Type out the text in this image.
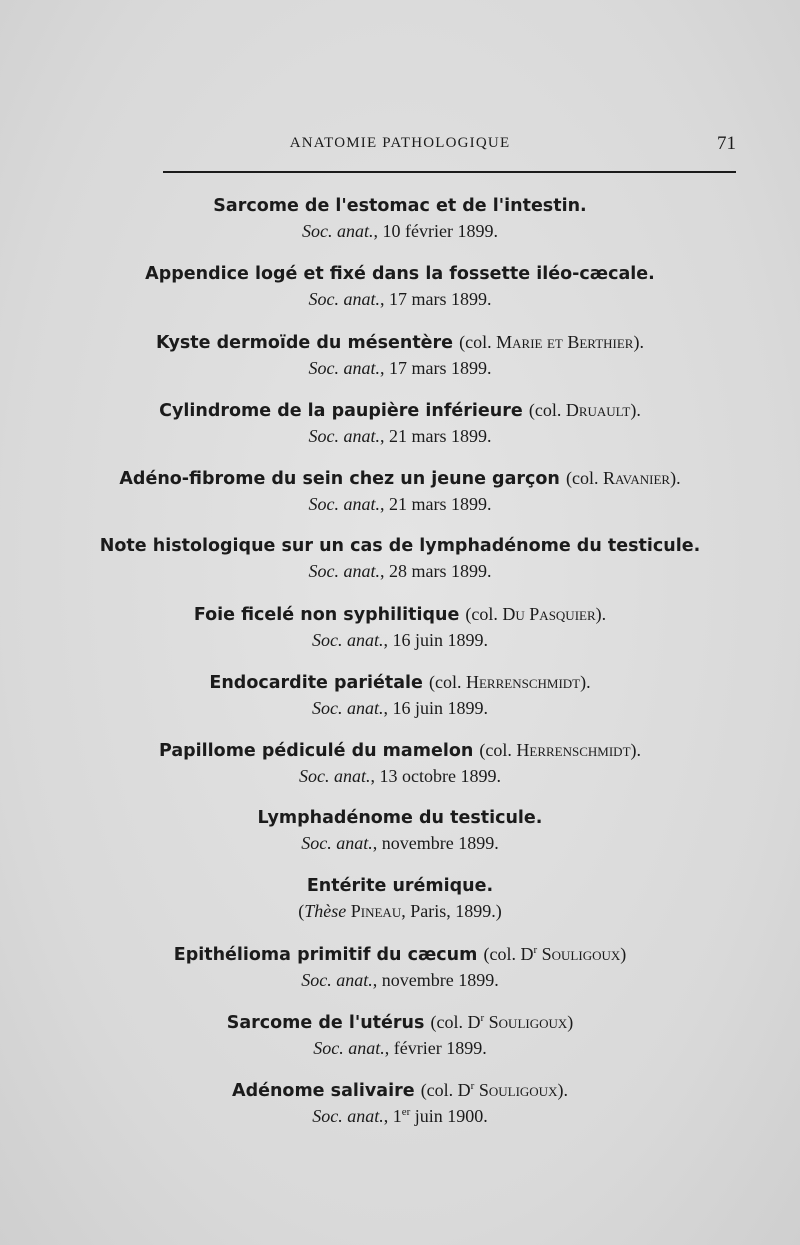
ANATOMIE PATHOLOGIQUE	71
Sarcome de l'estomac et de l'intestin.
Soc. anat., 10 février 1899.
Appendice logé et fixé dans la fossette iléo-cæcale.
Soc. anat., 17 mars 1899.
Kyste dermoïde du mésentère (col. Marie et Berthier).
Soc. anat., 17 mars 1899.
Cylindrome de la paupière inférieure (col. Druault).
Soc. anat., 21 mars 1899.
Adéno-fibrome du sein chez un jeune garçon (col. Ravanier).
Soc. anat., 21 mars 1899.
Note histologique sur un cas de lymphadénome du testicule.
Soc. anat., 28 mars 1899.
Foie ficelé non syphilitique (col. Du Pasquier).
Soc. anat., 16 juin 1899.
Endocardite pariétale (col. Herrenschmidt).
Soc. anat., 16 juin 1899.
Papillome pédiculé du mamelon (col. Herrenschmidt).
Soc. anat., 13 octobre 1899.
Lymphadénome du testicule.
Soc. anat., novembre 1899.
Entérite urémique.
(Thèse Pineau, Paris, 1899.)
Epithélioma primitif du cæcum (col. $D^r$ Souligoux)
Soc. anat., novembre 1899.
Sarcome de l'utérus (col. $D^r$ Souligoux)
Soc. anat., février 1899.
Adénome salivaire (col. $D^r$ Souligoux).
Soc. anat., 1er juin 1900.
